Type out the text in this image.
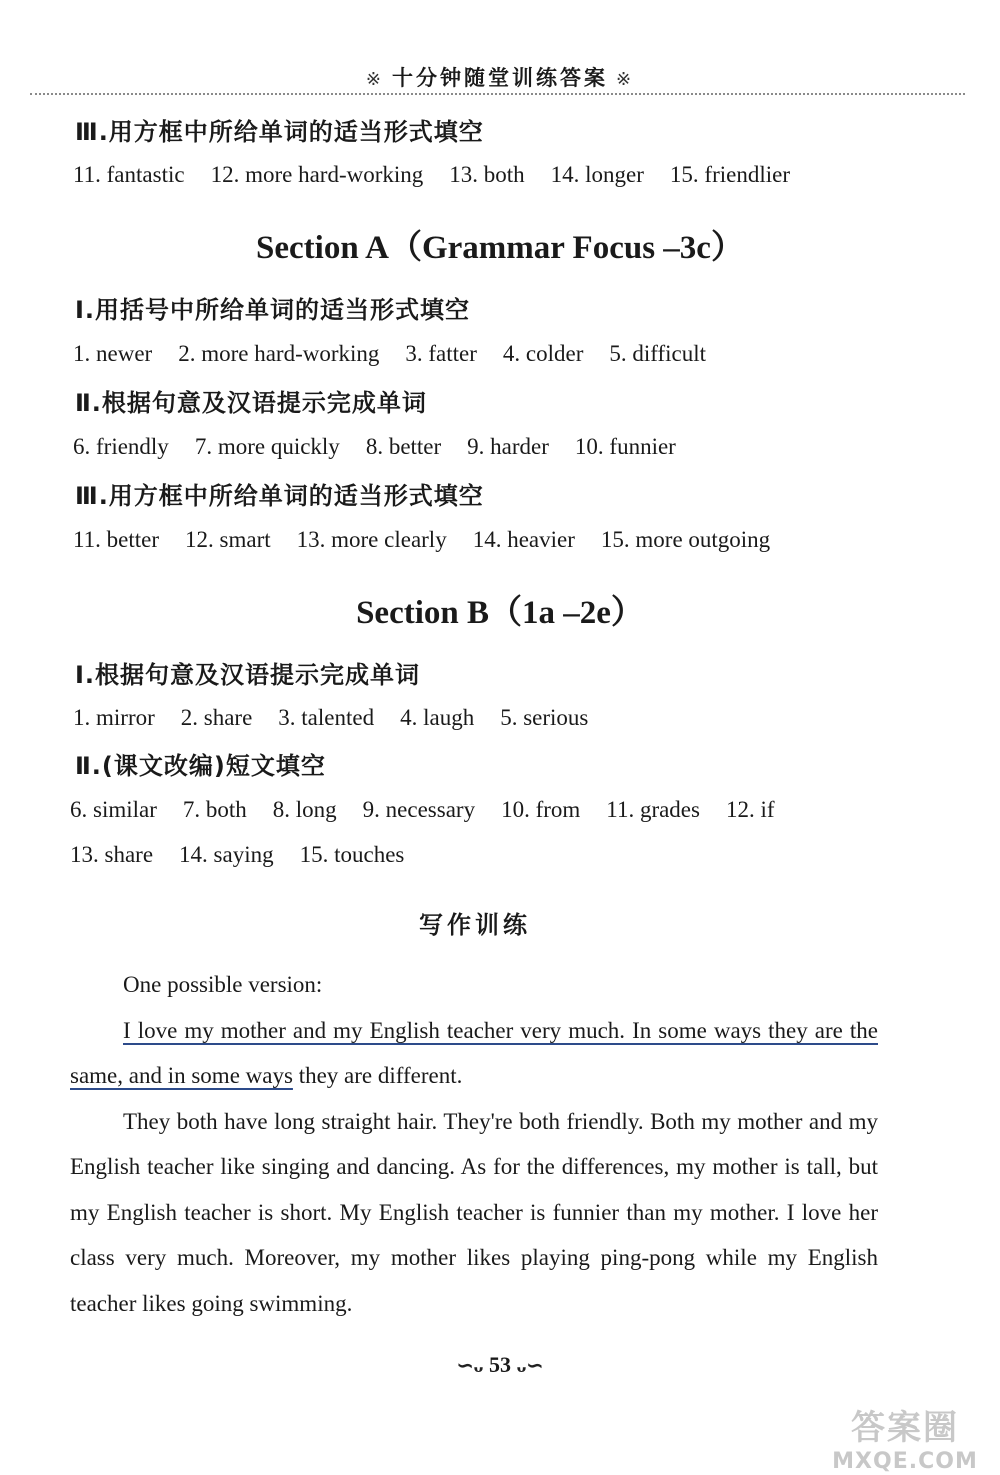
※ 十分钟随堂训练答案 ※
Ⅲ.用方框中所给单词的适当形式填空
11. fantastic 12. more hard-working 13. both 14. longer 15. friendlier
Section A（Grammar Focus –3c）
Ⅰ.用括号中所给单词的适当形式填空
1. newer 2. more hard-working 3. fatter 4. colder 5. difficult
Ⅱ.根据句意及汉语提示完成单词
6. friendly 7. more quickly 8. better 9. harder 10. funnier
Ⅲ.用方框中所给单词的适当形式填空
11. better 12. smart 13. more clearly 14. heavier 15. more outgoing
Section B（1a –2e）
Ⅰ.根据句意及汉语提示完成单词
1. mirror 2. share 3. talented 4. laugh 5. serious
Ⅱ.(课文改编)短文填空
6. similar 7. both 8. long 9. necessary 10. from 11. grades 12. if
13. share 14. saying 15. touches
写作训练

One possible version:

I love my mother and my English teacher very much. In some ways they are the same, and in some ways they are different.

They both have long straight hair. They're both friendly. Both my mother and my English teacher like singing and dancing. As for the differences, my mother is tall, but my English teacher is short. My English teacher is funnier than my mother. I love her class very much. Moreover, my mother likes playing ping-pong while my English teacher likes going swimming.

∽ᴗ 53 ᴗ∽
答案圈
MXQE.COM
